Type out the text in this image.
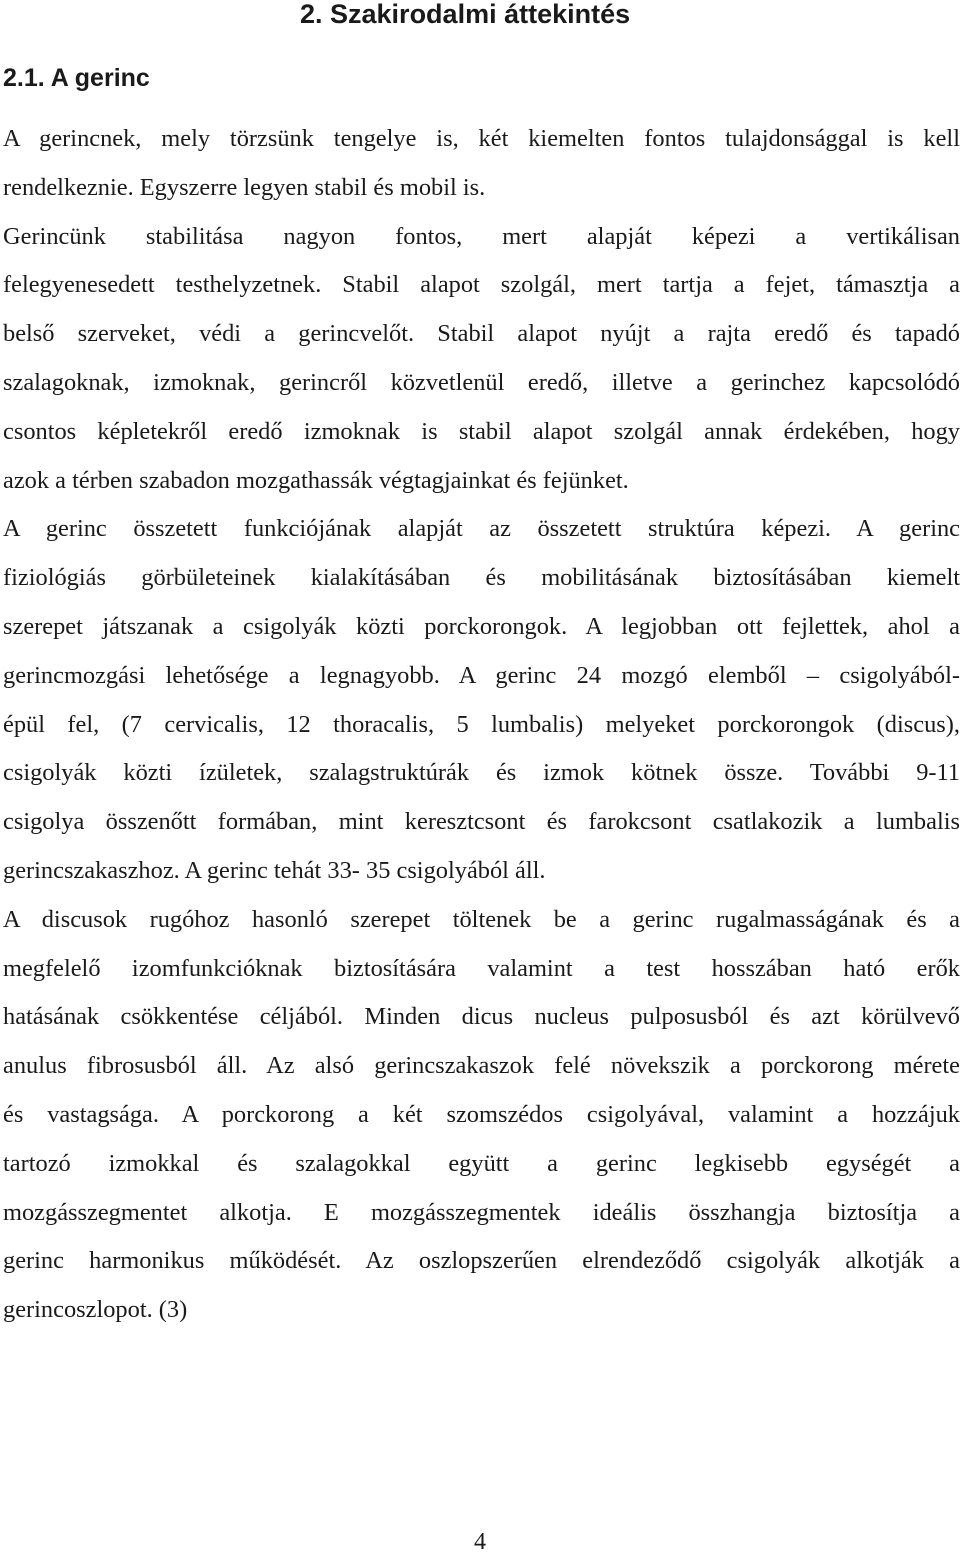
2. Szakirodalmi áttekintés
2.1. A gerinc

A gerincnek, mely törzsünk tengelye is, két kiemelten fontos tulajdonsággal is kell rendelkeznie. Egyszerre legyen stabil és mobil is.

Gerincünk stabilitása nagyon fontos, mert alapját képezi a vertikálisan felegyenesedett testhelyzetnek. Stabil alapot szolgál, mert tartja a fejet, támasztja a belső szerveket, védi a gerincvelőt. Stabil alapot nyújt a rajta eredő és tapadó szalagoknak, izmoknak, gerincről közvetlenül eredő, illetve a gerinchez kapcsolódó csontos képletekről eredő izmoknak is stabil alapot szolgál annak érdekében, hogy azok a térben szabadon mozgathassák végtagjainkat és fejünket.

A gerinc összetett funkciójának alapját az összetett struktúra képezi. A gerinc fiziológiás görbületeinek kialakításában és mobilitásának biztosításában kiemelt szerepet játszanak a csigolyák közti porckorongok. A legjobban ott fejlettek, ahol a gerincmozgási lehetősége a legnagyobb. A gerinc 24 mozgó elemből – csigolyából- épül fel, (7 cervicalis, 12 thoracalis, 5 lumbalis) melyeket porckorongok (discus), csigolyák közti ízületek, szalagstruktúrák és izmok kötnek össze. További 9-11 csigolya összenőtt formában, mint keresztcsont és farokcsont csatlakozik a lumbalis gerincszakaszhoz. A gerinc tehát 33- 35 csigolyából áll.

A discusok rugóhoz hasonló szerepet töltenek be a gerinc rugalmasságának és a megfelelő izomfunkcióknak biztosítására valamint a test hosszában ható erők hatásának csökkentése céljából. Minden dicus nucleus pulposusból és azt körülvevő anulus fibrosusból áll. Az alsó gerincszakaszok felé növekszik a porckorong mérete és vastagsága. A porckorong a két szomszédos csigolyával, valamint a hozzájuk tartozó izmokkal és szalagokkal együtt a gerinc legkisebb egységét a mozgásszegmentet alkotja. E mozgásszegmentek ideális összhangja biztosítja a gerinc harmonikus működését. Az oszlopszerűen elrendeződő csigolyák alkotják a gerincoszlopot. (3)

4
